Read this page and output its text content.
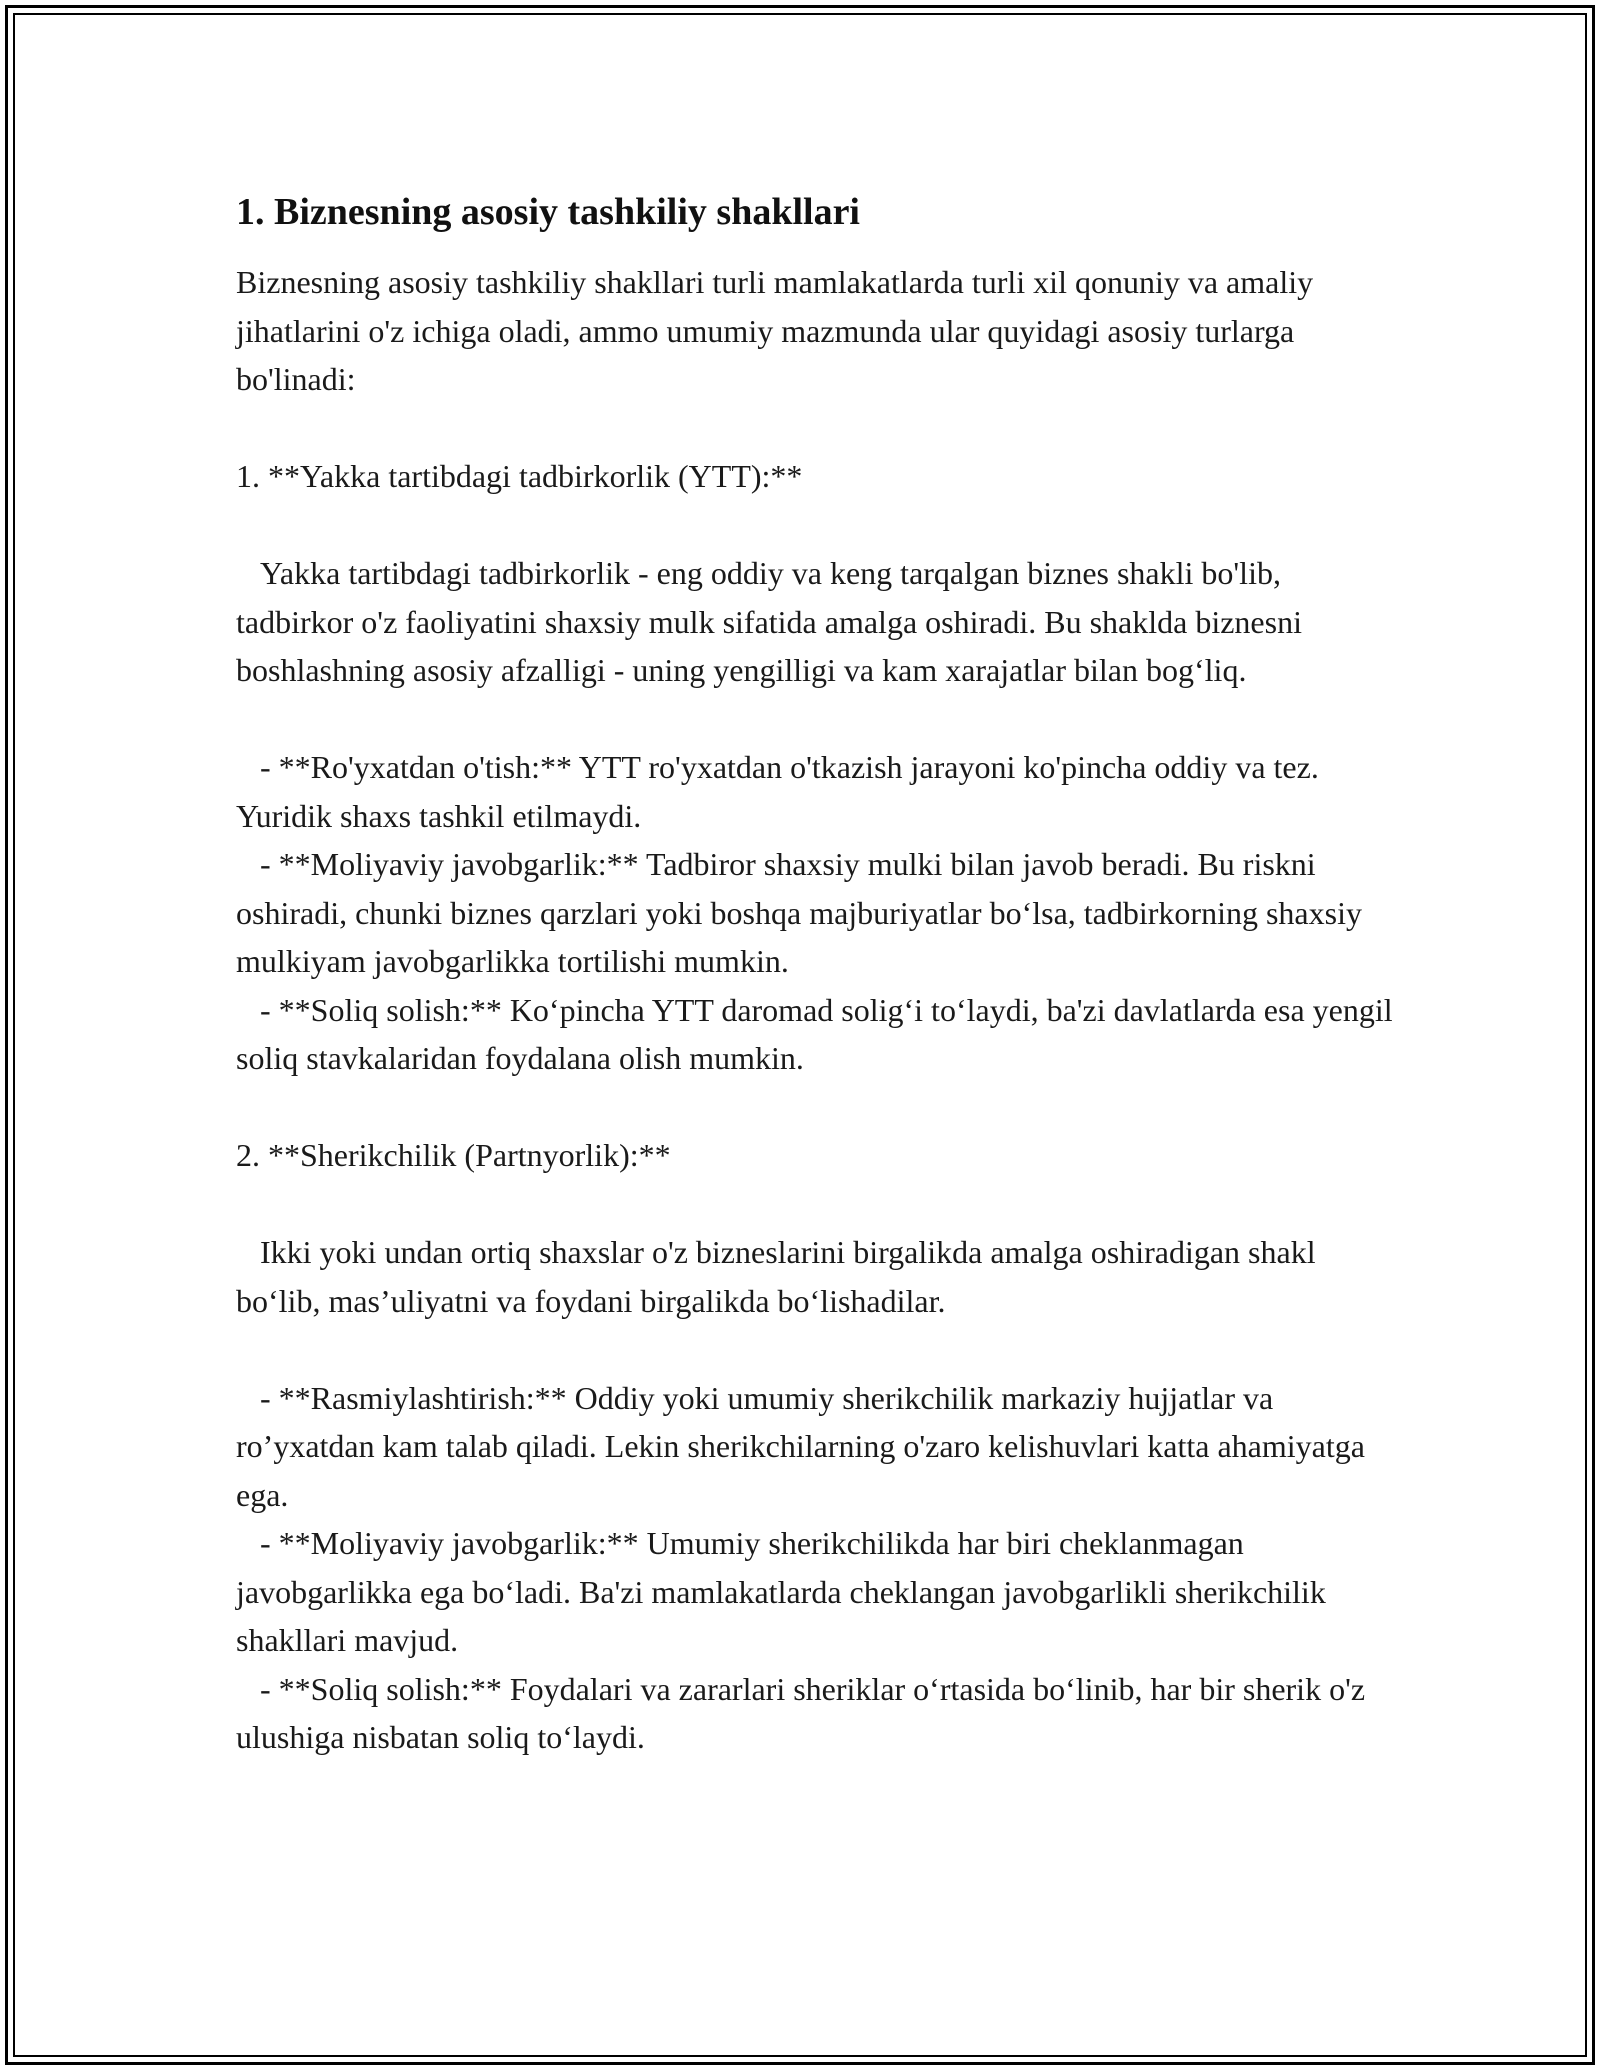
1. Biznesning asosiy tashkiliy shakllari

Biznesning asosiy tashkiliy shakllari turli mamlakatlarda turli xil qonuniy va amaliy jihatlarini o'z ichiga oladi, ammo umumiy mazmunda ular quyidagi asosiy turlarga bo'linadi:

1. **Yakka tartibdagi tadbirkorlik (YTT):**

Yakka tartibdagi tadbirkorlik - eng oddiy va keng tarqalgan biznes shakli bo'lib, tadbirkor o'z faoliyatini shaxsiy mulk sifatida amalga oshiradi. Bu shaklda biznesni boshlashning asosiy afzalligi - uning yengilligi va kam xarajatlar bilan bog‘liq.

- **Ro'yxatdan o'tish:** YTT ro'yxatdan o'tkazish jarayoni ko'pincha oddiy va tez. Yuridik shaxs tashkil etilmaydi.

- **Moliyaviy javobgarlik:** Tadbiror shaxsiy mulki bilan javob beradi. Bu riskni oshiradi, chunki biznes qarzlari yoki boshqa majburiyatlar bo‘lsa, tadbirkorning shaxsiy mulkiyam javobgarlikka tortilishi mumkin.

- **Soliq solish:** Ko‘pincha YTT daromad solig‘i to‘laydi, ba'zi davlatlarda esa yengil soliq stavkalaridan foydalana olish mumkin.

2. **Sherikchilik (Partnyorlik):**

Ikki yoki undan ortiq shaxslar o'z bizneslarini birgalikda amalga oshiradigan shakl bo‘lib, mas’uliyatni va foydani birgalikda bo‘lishadilar.

- **Rasmiylashtirish:** Oddiy yoki umumiy sherikchilik markaziy hujjatlar va ro’yxatdan kam talab qiladi. Lekin sherikchilarning o'zaro kelishuvlari katta ahamiyatga ega.

- **Moliyaviy javobgarlik:** Umumiy sherikchilikda har biri cheklanmagan javobgarlikka ega bo‘ladi. Ba'zi mamlakatlarda cheklangan javobgarlikli sherikchilik shakllari mavjud.

- **Soliq solish:** Foydalari va zararlari sheriklar o‘rtasida bo‘linib, har bir sherik o'z ulushiga nisbatan soliq to‘laydi.
